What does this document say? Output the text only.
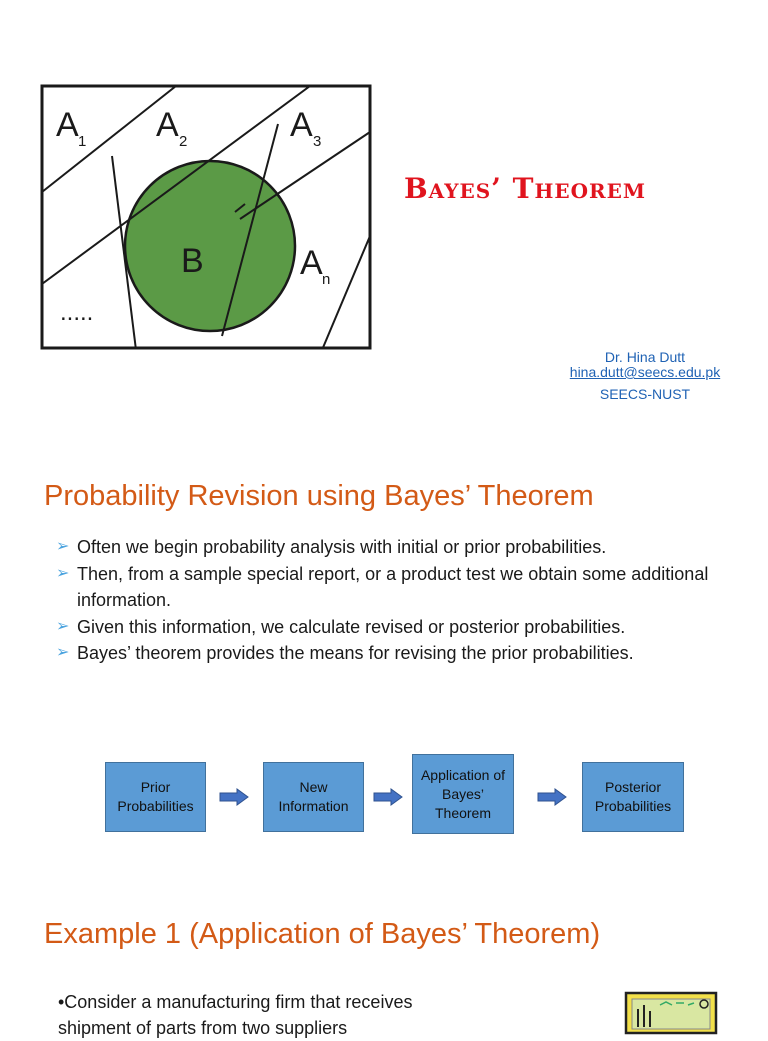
A 1 A 2	A 3
B	A n
.....
Bayes’ Theorem
Dr. Hina Dutt
hina.dutt@seecs.edu.pk
SEECS-NUST
Probability Revision using Bayes’ Theorem
➢ Often we begin probability analysis with initial or prior probabilities.
➢ Then, from a sample special report, or a product test we obtain some additional information.
➢ Given this information, we calculate revised or posterior probabilities.
➢ Bayes’ theorem provides the means for revising the prior probabilities.
Prior Probabilities
New Information
Application of Bayes’ Theorem
Posterior Probabilities
Example 1 (Application of Bayes’ Theorem)
•Consider a manufacturing firm that receives
shipment of parts from two suppliers
